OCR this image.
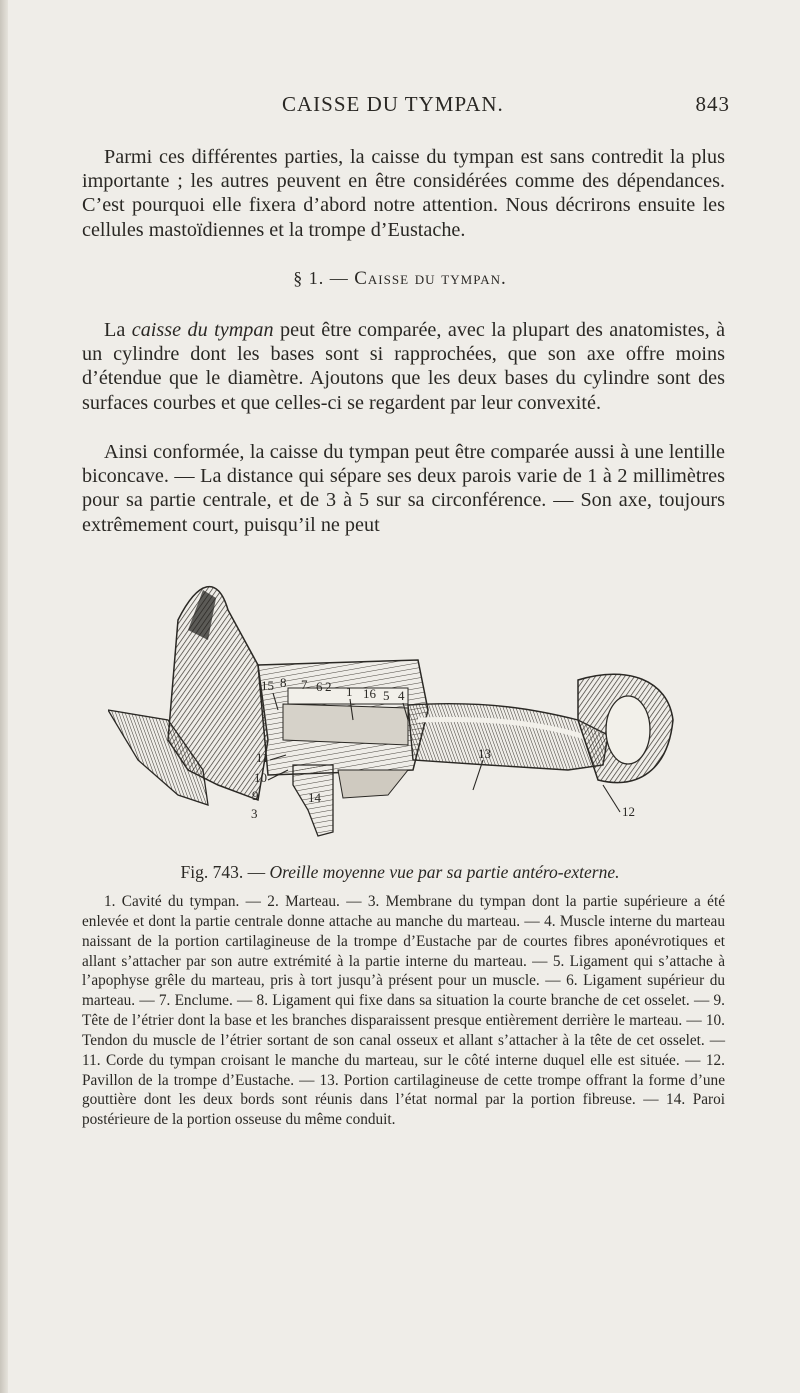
CAISSE DU TYMPAN.	843

Parmi ces différentes parties, la caisse du tympan est sans contredit la plus importante ; les autres peuvent en être considérées comme des dépendances. C’est pourquoi elle fixera d’abord notre attention. Nous décrirons ensuite les cellules mastoïdiennes et la trompe d’Eustache.

§ 1. — Caisse du tympan.

La caisse du tympan peut être comparée, avec la plupart des anatomistes, à un cylindre dont les bases sont si rapprochées, que son axe offre moins d’étendue que le diamètre. Ajoutons que les deux bases du cylindre sont des surfaces courbes et que celles-ci se regardent par leur convexité.

Ainsi conformée, la caisse du tympan peut être comparée aussi à une lentille biconcave. — La distance qui sépare ses deux parois varie de 1 à 2 millimètres pour sa partie centrale, et de 3 à 5 sur sa circonférence. — Son axe, toujours extrêmement court, puisqu’il ne peut

15 8 7 6 2 1 16 5 4
11
10
9
3
14
13
12

Fig. 743. — Oreille moyenne vue par sa partie antéro-externe.

1. Cavité du tympan. — 2. Marteau. — 3. Membrane du tympan dont la partie supérieure a été enlevée et dont la partie centrale donne attache au manche du marteau. — 4. Muscle interne du marteau naissant de la portion cartilagineuse de la trompe d’Eustache par de courtes fibres aponévrotiques et allant s’attacher par son autre extrémité à la partie interne du marteau. — 5. Ligament qui s’attache à l’apophyse grêle du marteau, pris à tort jusqu’à présent pour un muscle. — 6. Ligament supérieur du marteau. — 7. Enclume. — 8. Ligament qui fixe dans sa situation la courte branche de cet osselet. — 9. Tête de l’étrier dont la base et les branches disparaissent presque entièrement derrière le marteau. — 10. Tendon du muscle de l’étrier sortant de son canal osseux et allant s’attacher à la tête de cet osselet. — 11. Corde du tympan croisant le manche du marteau, sur le côté interne duquel elle est située. — 12. Pavillon de la trompe d’Eustache. — 13. Portion cartilagineuse de cette trompe offrant la forme d’une gouttière dont les deux bords sont réunis dans l’état normal par la portion fibreuse. — 14. Paroi postérieure de la portion osseuse du même conduit.
